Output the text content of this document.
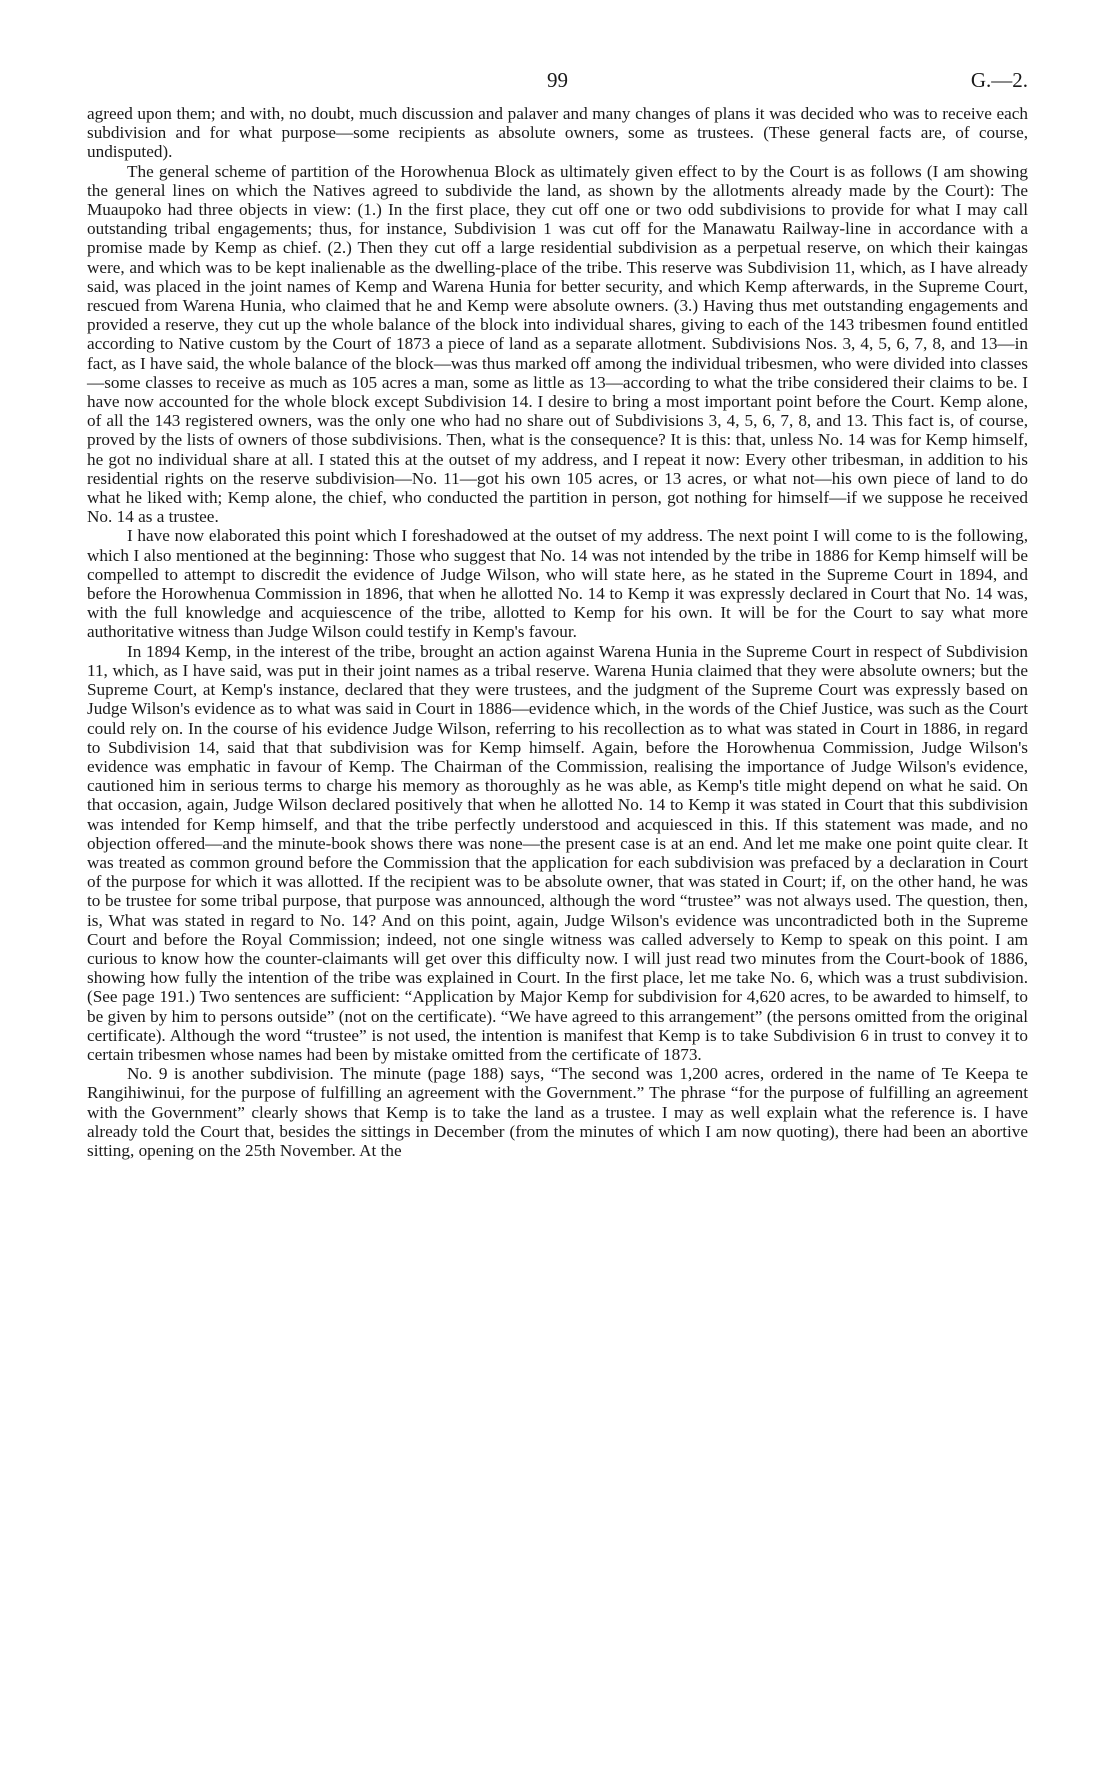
99	G.—2.

agreed upon them; and with, no doubt, much discussion and palaver and many changes of plans it was decided who was to receive each subdivision and for what purpose—some recipients as absolute owners, some as trustees. (These general facts are, of course, undisputed).

The general scheme of partition of the Horowhenua Block as ultimately given effect to by the Court is as follows (I am showing the general lines on which the Natives agreed to subdivide the land, as shown by the allotments already made by the Court): The Muaupoko had three objects in view: (1.) In the first place, they cut off one or two odd subdivisions to provide for what I may call outstanding tribal engagements; thus, for instance, Subdivision 1 was cut off for the Manawatu Railway-line in accordance with a promise made by Kemp as chief. (2.) Then they cut off a large residential subdivision as a perpetual reserve, on which their kaingas were, and which was to be kept inalienable as the dwelling-place of the tribe. This reserve was Subdivision 11, which, as I have already said, was placed in the joint names of Kemp and Warena Hunia for better security, and which Kemp afterwards, in the Supreme Court, rescued from Warena Hunia, who claimed that he and Kemp were absolute owners. (3.) Having thus met outstanding engagements and provided a reserve, they cut up the whole balance of the block into individual shares, giving to each of the 143 tribesmen found entitled according to Native custom by the Court of 1873 a piece of land as a separate allotment. Subdivisions Nos. 3, 4, 5, 6, 7, 8, and 13—in fact, as I have said, the whole balance of the block—was thus marked off among the individual tribesmen, who were divided into classes—some classes to receive as much as 105 acres a man, some as little as 13—according to what the tribe considered their claims to be. I have now accounted for the whole block except Subdivision 14. I desire to bring a most important point before the Court. Kemp alone, of all the 143 registered owners, was the only one who had no share out of Subdivisions 3, 4, 5, 6, 7, 8, and 13. This fact is, of course, proved by the lists of owners of those subdivisions. Then, what is the consequence? It is this: that, unless No. 14 was for Kemp himself, he got no individual share at all. I stated this at the outset of my address, and I repeat it now: Every other tribesman, in addition to his residential rights on the reserve subdivision—No. 11—got his own 105 acres, or 13 acres, or what not—his own piece of land to do what he liked with; Kemp alone, the chief, who conducted the partition in person, got nothing for himself—if we suppose he received No. 14 as a trustee.

I have now elaborated this point which I foreshadowed at the outset of my address. The next point I will come to is the following, which I also mentioned at the beginning: Those who suggest that No. 14 was not intended by the tribe in 1886 for Kemp himself will be compelled to attempt to discredit the evidence of Judge Wilson, who will state here, as he stated in the Supreme Court in 1894, and before the Horowhenua Commission in 1896, that when he allotted No. 14 to Kemp it was expressly declared in Court that No. 14 was, with the full knowledge and acquiescence of the tribe, allotted to Kemp for his own. It will be for the Court to say what more authoritative witness than Judge Wilson could testify in Kemp's favour.

In 1894 Kemp, in the interest of the tribe, brought an action against Warena Hunia in the Supreme Court in respect of Subdivision 11, which, as I have said, was put in their joint names as a tribal reserve. Warena Hunia claimed that they were absolute owners; but the Supreme Court, at Kemp's instance, declared that they were trustees, and the judgment of the Supreme Court was expressly based on Judge Wilson's evidence as to what was said in Court in 1886—evidence which, in the words of the Chief Justice, was such as the Court could rely on. In the course of his evidence Judge Wilson, referring to his recollection as to what was stated in Court in 1886, in regard to Subdivision 14, said that that subdivision was for Kemp himself. Again, before the Horowhenua Commission, Judge Wilson's evidence was emphatic in favour of Kemp. The Chairman of the Commission, realising the importance of Judge Wilson's evidence, cautioned him in serious terms to charge his memory as thoroughly as he was able, as Kemp's title might depend on what he said. On that occasion, again, Judge Wilson declared positively that when he allotted No. 14 to Kemp it was stated in Court that this subdivision was intended for Kemp himself, and that the tribe perfectly understood and acquiesced in this. If this statement was made, and no objection offered—and the minute-book shows there was none—the present case is at an end. And let me make one point quite clear. It was treated as common ground before the Commission that the application for each subdivision was prefaced by a declaration in Court of the purpose for which it was allotted. If the recipient was to be absolute owner, that was stated in Court; if, on the other hand, he was to be trustee for some tribal purpose, that purpose was announced, although the word “trustee” was not always used. The question, then, is, What was stated in regard to No. 14? And on this point, again, Judge Wilson's evidence was uncontradicted both in the Supreme Court and before the Royal Commission; indeed, not one single witness was called adversely to Kemp to speak on this point. I am curious to know how the counter-claimants will get over this difficulty now. I will just read two minutes from the Court-book of 1886, showing how fully the intention of the tribe was explained in Court. In the first place, let me take No. 6, which was a trust subdivision. (See page 191.) Two sentences are sufficient: “Application by Major Kemp for subdivision for 4,620 acres, to be awarded to himself, to be given by him to persons outside” (not on the certificate). “We have agreed to this arrangement” (the persons omitted from the original certificate). Although the word “trustee” is not used, the intention is manifest that Kemp is to take Subdivision 6 in trust to convey it to certain tribesmen whose names had been by mistake omitted from the certificate of 1873.

No. 9 is another subdivision. The minute (page 188) says, “The second was 1,200 acres, ordered in the name of Te Keepa te Rangihiwinui, for the purpose of fulfilling an agreement with the Government.” The phrase “for the purpose of fulfilling an agreement with the Government” clearly shows that Kemp is to take the land as a trustee. I may as well explain what the reference is. I have already told the Court that, besides the sittings in December (from the minutes of which I am now quoting), there had been an abortive sitting, opening on the 25th November. At the
